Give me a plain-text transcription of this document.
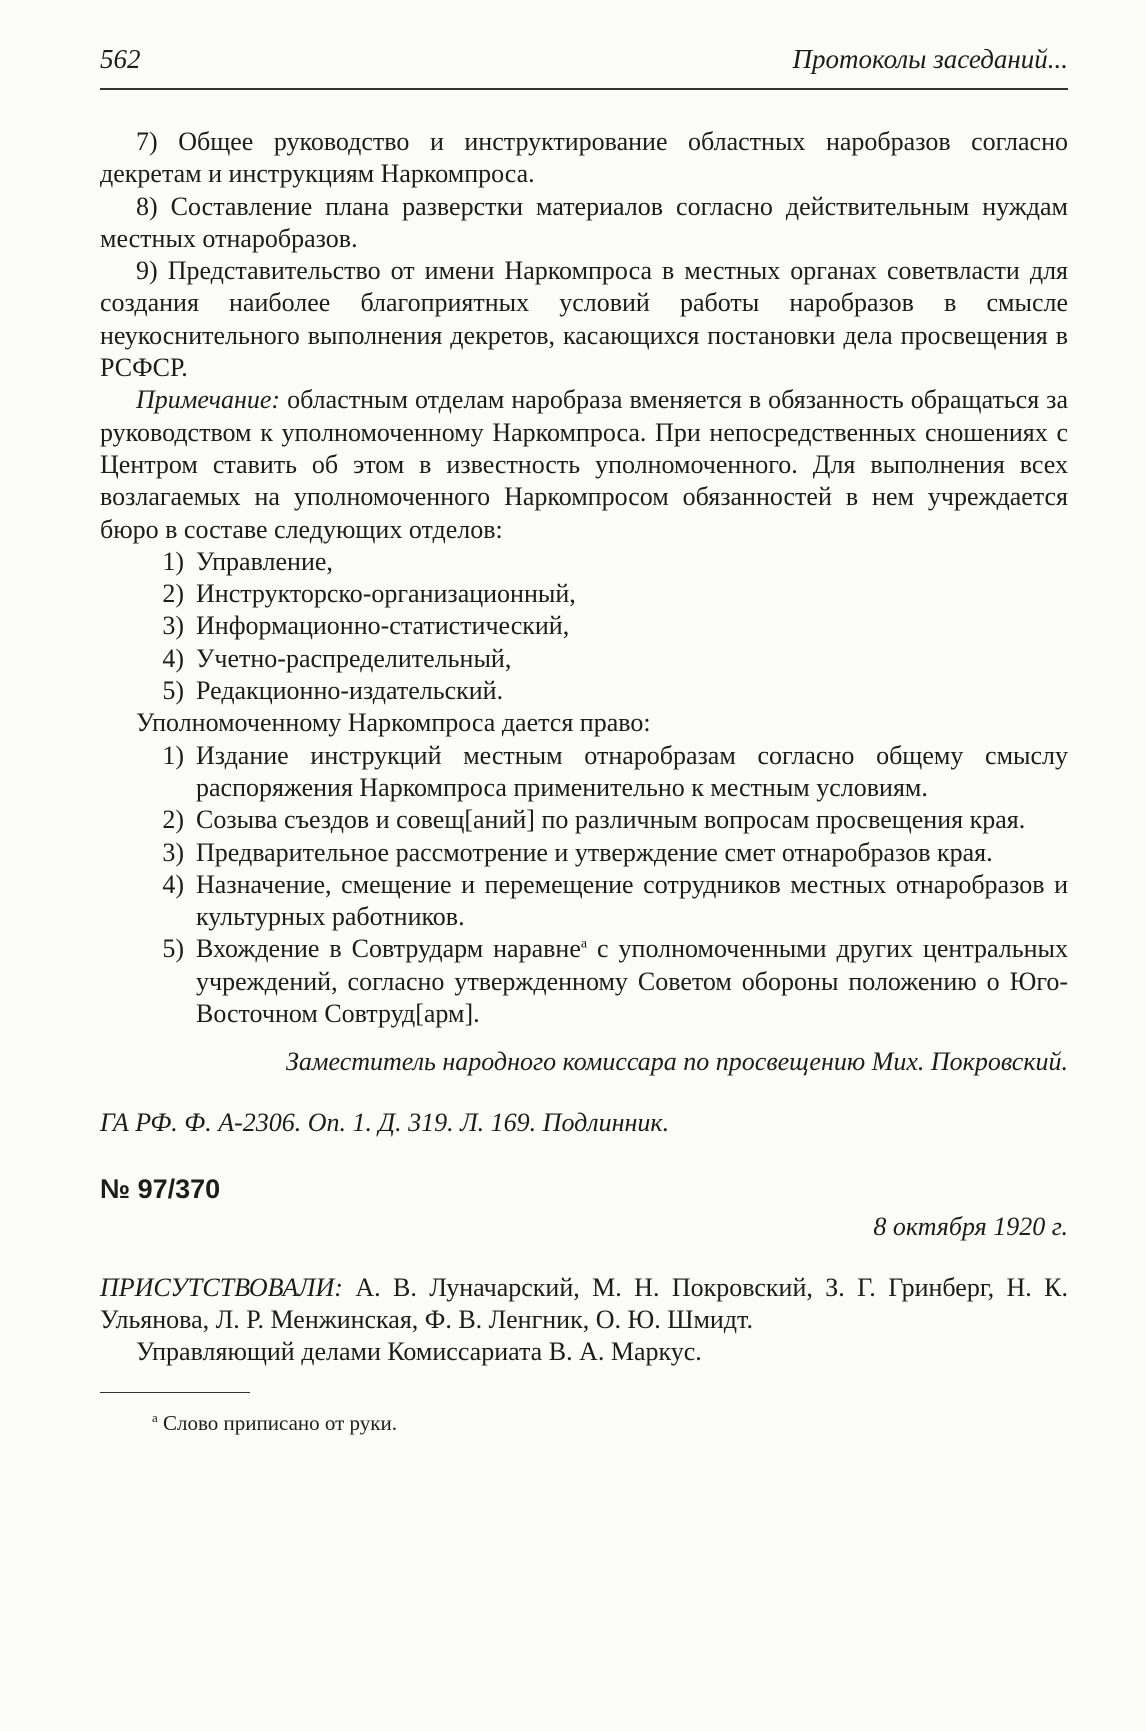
562	Протоколы заседаний...

7) Общее руководство и инструктирование областных наробразов согласно декретам и инструкциям Наркомпроса.

8) Составление плана разверстки материалов согласно действительным нуждам местных отнаробразов.

9) Представительство от имени Наркомпроса в местных органах советвласти для создания наиболее благоприятных условий работы наробразов в смысле неукоснительного выполнения декретов, касающихся постановки дела просвещения в РСФСР.

Примечание: областным отделам наробраза вменяется в обязанность обращаться за руководством к уполномоченному Наркомпроса. При непосредственных сношениях с Центром ставить об этом в известность уполномоченного. Для выполнения всех возлагаемых на уполномоченного Наркомпросом обязанностей в нем учреждается бюро в составе следующих отделов:

1) Управление,
2) Инструкторско-организационный,
3) Информационно-статистический,
4) Учетно-распределительный,
5) Редакционно-издательский.

Уполномоченному Наркомпроса дается право:

1) Издание инструкций местным отнаробразам согласно общему смыслу распоряжения Наркомпроса применительно к местным условиям.
2) Созыва съездов и совещ[аний] по различным вопросам просвещения края.
3) Предварительное рассмотрение и утверждение смет отнаробразов края.
4) Назначение, смещение и перемещение сотрудников местных отнаробразов и культурных работников.
5) Вхождение в Совтрударм наравне$^а$ с уполномоченными других центральных учреждений, согласно утвержденному Советом обороны положению о Юго-Восточном Совтруд[арм].

Заместитель народного комиссара по просвещению Мих. Покровский.

ГА РФ. Ф. А-2306. Оп. 1. Д. 319. Л. 169. Подлинник.

№ 97/370

8 октября 1920 г.

ПРИСУТСТВОВАЛИ: А. В. Луначарский, М. Н. Покровский, З. Г. Гринберг, Н. К. Ульянова, Л. Р. Менжинская, Ф. В. Ленгник, О. Ю. Шмидт.

Управляющий делами Комиссариата В. А. Маркус.

$^а$ Слово приписано от руки.
